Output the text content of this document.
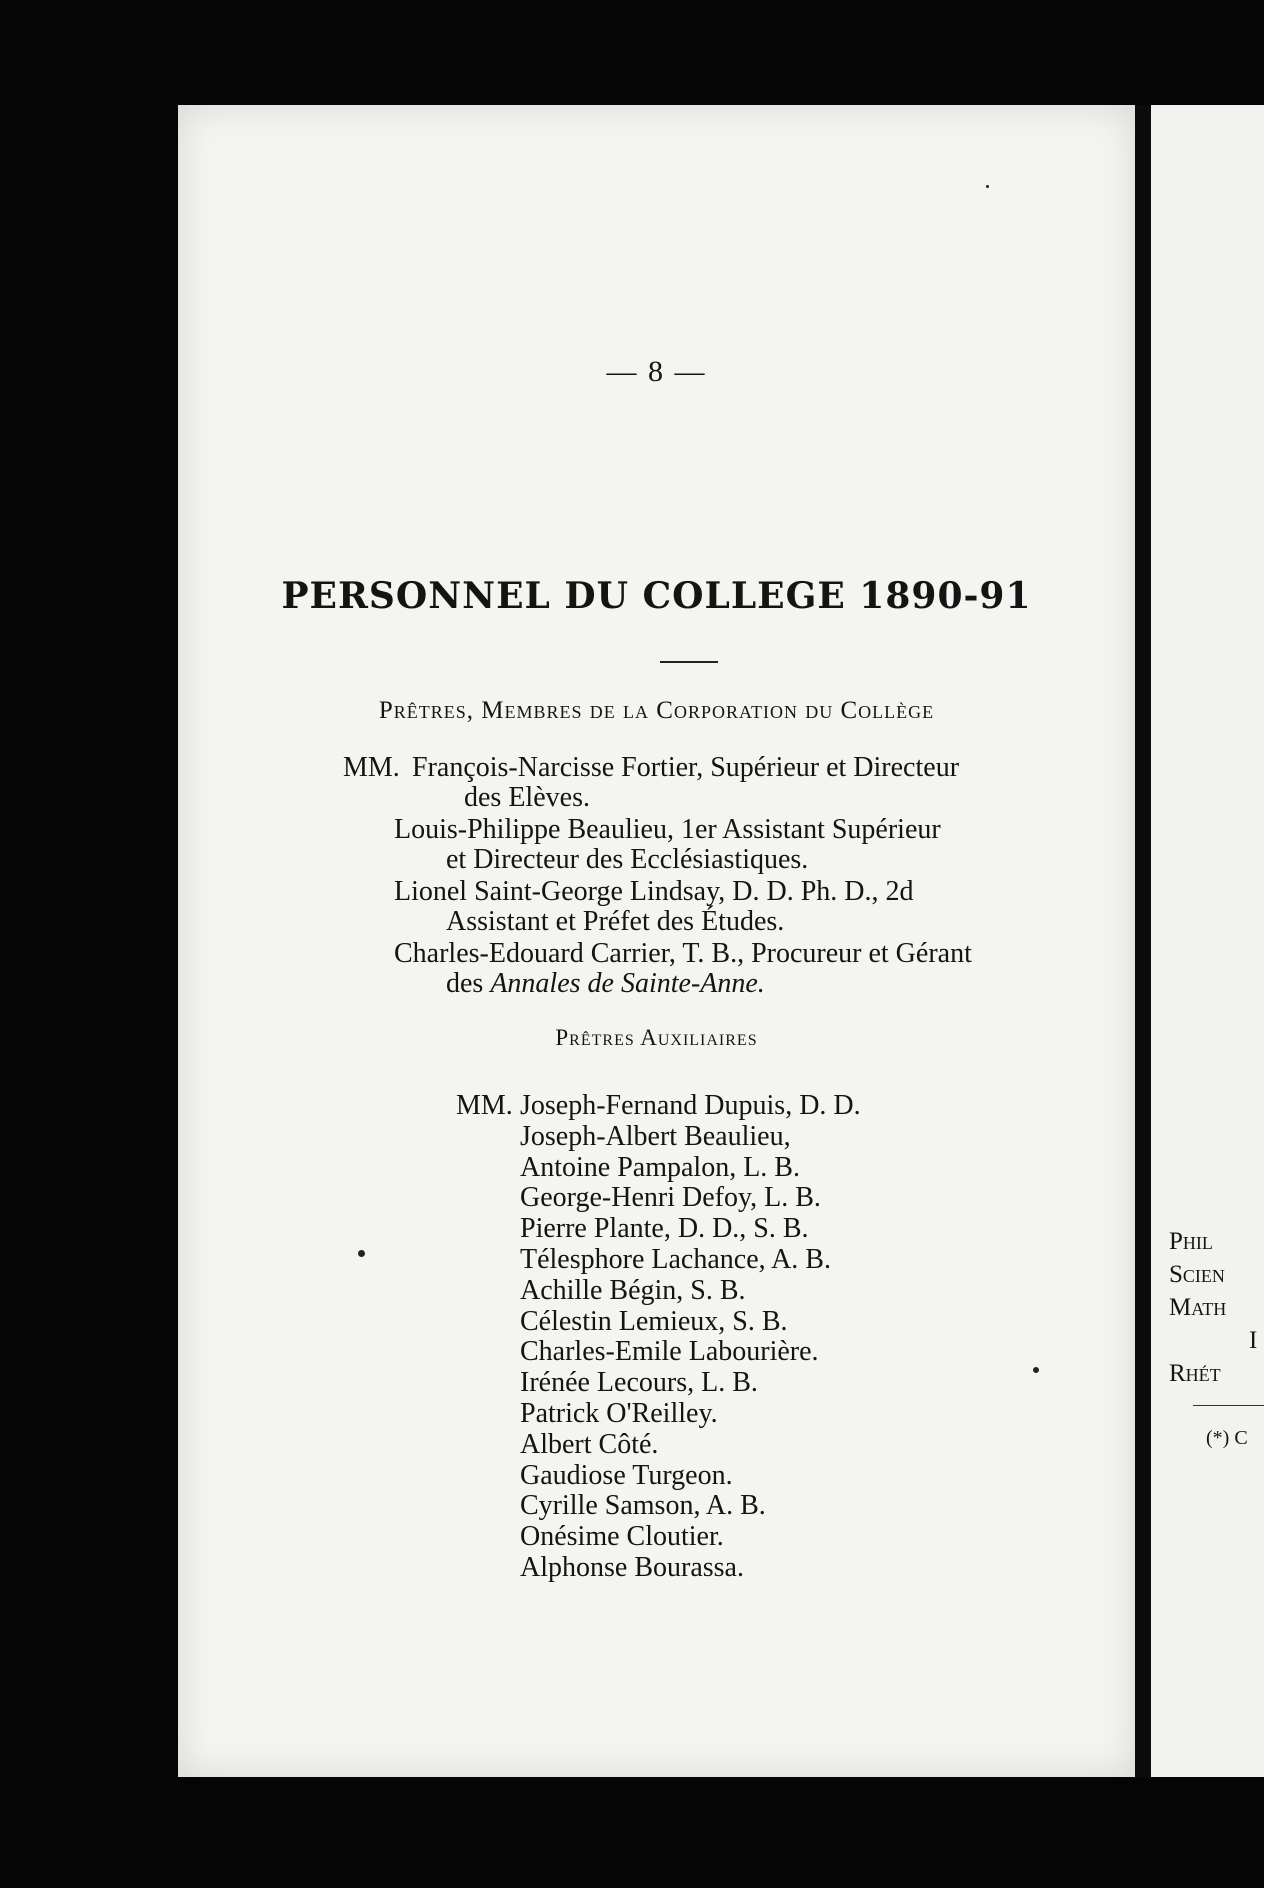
— 8 —
PERSONNEL DU COLLEGE 1890-91
Prêtres, Membres de la Corporation du Collège
MM. François-Narcisse Fortier, Supérieur et Directeur
des Elèves.

Louis-Philippe Beaulieu, 1er Assistant Supérieur
et Directeur des Ecclésiastiques.

Lionel Saint-George Lindsay, D. D. Ph. D., 2d
Assistant et Préfet des Études.

Charles-Edouard Carrier, T. B., Procureur et Gérant
des Annales de Sainte-Anne.

Prêtres Auxiliaires
MM. Joseph-Fernand Dupuis, D. D.
Joseph-Albert Beaulieu,
Antoine Pampalon, L. B.
George-Henri Defoy, L. B.
Pierre Plante, D. D., S. B.
Télesphore Lachance, A. B.
Achille Bégin, S. B.
Célestin Lemieux, S. B.
Charles-Emile Labourière.
Irénée Lecours, L. B.
Patrick O'Reilley.
Albert Côté.
Gaudiose Turgeon.
Cyrille Samson, A. B.
Onésime Cloutier.
Alphonse Bourassa.
Phil
Scien
Math
I
Rhét
(*) C
